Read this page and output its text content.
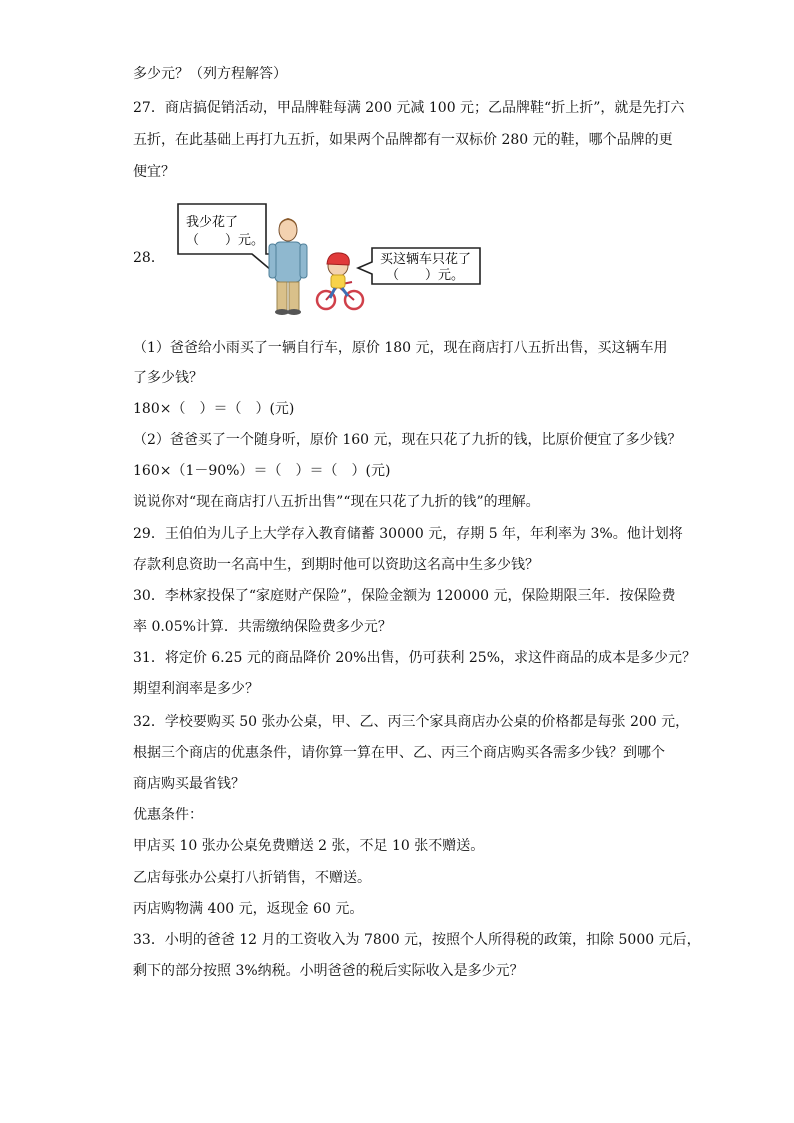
多少元？（列方程解答）
27．商店搞促销活动，甲品牌鞋每满 200 元减 100 元；乙品牌鞋“折上折”，就是先打六
五折，在此基础上再打九五折，如果两个品牌都有一双标价 280 元的鞋，哪个品牌的更
便宜？
28．
我少花了
（　　）元。
买这辆车只花了
（　　）元。
（1）爸爸给小雨买了一辆自行车，原价 180 元，现在商店打八五折出售，买这辆车用
了多少钱？
180×（　）＝（　）(元)
（2）爸爸买了一个随身听，原价 160 元，现在只花了九折的钱，比原价便宜了多少钱？
160×（1－90%）＝（　）＝（　）(元)
说说你对“现在商店打八五折出售”“现在只花了九折的钱”的理解。
29．王伯伯为儿子上大学存入教育储蓄 30000 元，存期 5 年，年利率为 3%。他计划将
存款利息资助一名高中生，到期时他可以资助这名高中生多少钱？
30．李林家投保了“家庭财产保险”，保险金额为 120000 元，保险期限三年．按保险费
率 0.05%计算．共需缴纳保险费多少元？
31．将定价 6.25 元的商品降价 20%出售，仍可获利 25%，求这件商品的成本是多少元？
期望利润率是多少？
32．学校要购买 50 张办公桌，甲、乙、丙三个家具商店办公桌的价格都是每张 200 元，
根据三个商店的优惠条件，请你算一算在甲、乙、丙三个商店购买各需多少钱？到哪个
商店购买最省钱？
优惠条件：
甲店买 10 张办公桌免费赠送 2 张，不足 10 张不赠送。
乙店每张办公桌打八折销售，不赠送。
丙店购物满 400 元，返现金 60 元。
33．小明的爸爸 12 月的工资收入为 7800 元，按照个人所得税的政策，扣除 5000 元后，
剩下的部分按照 3%纳税。小明爸爸的税后实际收入是多少元？
